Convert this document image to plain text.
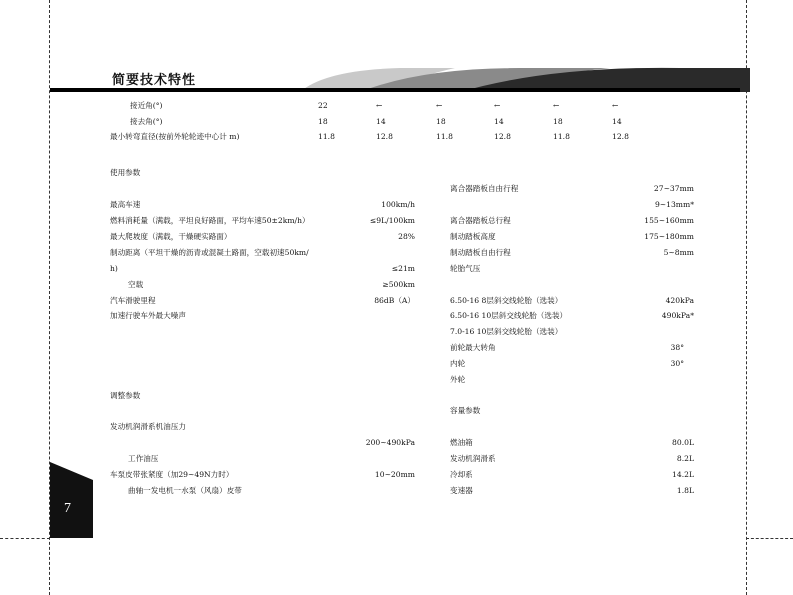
简要技术特性
接近角(°)	22	←	←	←	←	←
接去角(°)	18	14	18	14	18	14
最小转弯直径(按前外轮轮迹中心计 m)	11.8	12.8	11.8	12.8	11.8	12.8
使用参数
最高车速	100km/h
燃料消耗量（满载，平坦良好路面，平均车速50±2km/h）	≤9L/100km
最大爬坡度（满载，干燥硬实路面）	28%
制动距离（平坦干燥的沥青或混凝土路面，空载初速50km/
h)	≤21m
空载	≥500km
汽车滑驶里程	86dB（A）
加速行驶车外最大噪声
调整参数
发动机润滑系机油压力
200~490kPa
工作油压
车泵皮带张紧度（加29~49N力时）	10~20mm
曲轴一发电机一水泵（风扇）皮带
离合器踏板自由行程	27~37mm
9~13mm*
离合器踏板总行程	155~160mm
制动踏板高度	175~180mm
制动踏板自由行程	5~8mm
轮胎气压
6.50-16 8层斜交线轮胎（选装）	420kPa
6.50-16 10层斜交线轮胎（选装）	490kPa*
7.0-16 10层斜交线轮胎（选装）
前轮最大转角	38°
内轮	30°
外轮
容量参数
燃油箱	80.0L
发动机润滑系	8.2L
冷却系	14.2L
变速器	1.8L
7
